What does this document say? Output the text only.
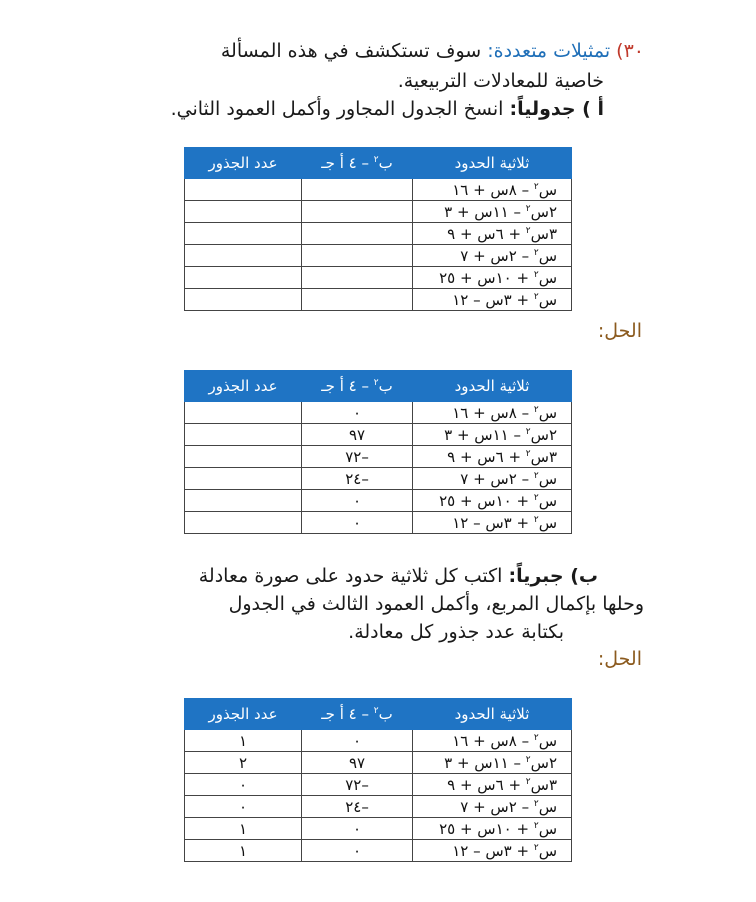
٣٠) تمثيلات متعددة: سوف تستكشف في هذه المسألة
خاصية للمعادلات التربيعية.
أ ) جدولياً: انسخ الجدول المجاور وأكمل العمود الثاني.
ثلاثية الحدود	ب$^٢$ – ٤ أ جـ	عدد الجذور
س$^٢$ – ٨س + ١٦		
٢س$^٢$ – ١١س + ٣		
٣س$^٢$ + ٦س + ٩		
س$^٢$ – ٢س + ٧		
س$^٢$ + ١٠س + ٢٥		
س$^٢$ + ٣س – ١٢		
الحل:
ثلاثية الحدود	ب$^٢$ – ٤ أ جـ	عدد الجذور
س$^٢$ – ٨س + ١٦	٠	
٢س$^٢$ – ١١س + ٣	٩٧	
٣س$^٢$ + ٦س + ٩	–٧٢	
س$^٢$ – ٢س + ٧	–٢٤	
س$^٢$ + ١٠س + ٢٥	٠	
س$^٢$ + ٣س – ١٢	٠	
ب) جبرياً: اكتب كل ثلاثية حدود على صورة معادلة
وحلها بإكمال المربع، وأكمل العمود الثالث في الجدول
بكتابة عدد جذور كل معادلة.
الحل:
ثلاثية الحدود	ب$^٢$ – ٤ أ جـ	عدد الجذور
س$^٢$ – ٨س + ١٦	٠	١
٢س$^٢$ – ١١س + ٣	٩٧	٢
٣س$^٢$ + ٦س + ٩	–٧٢	٠
س$^٢$ – ٢س + ٧	–٢٤	٠
س$^٢$ + ١٠س + ٢٥	٠	١
س$^٢$ + ٣س – ١٢	٠	١
